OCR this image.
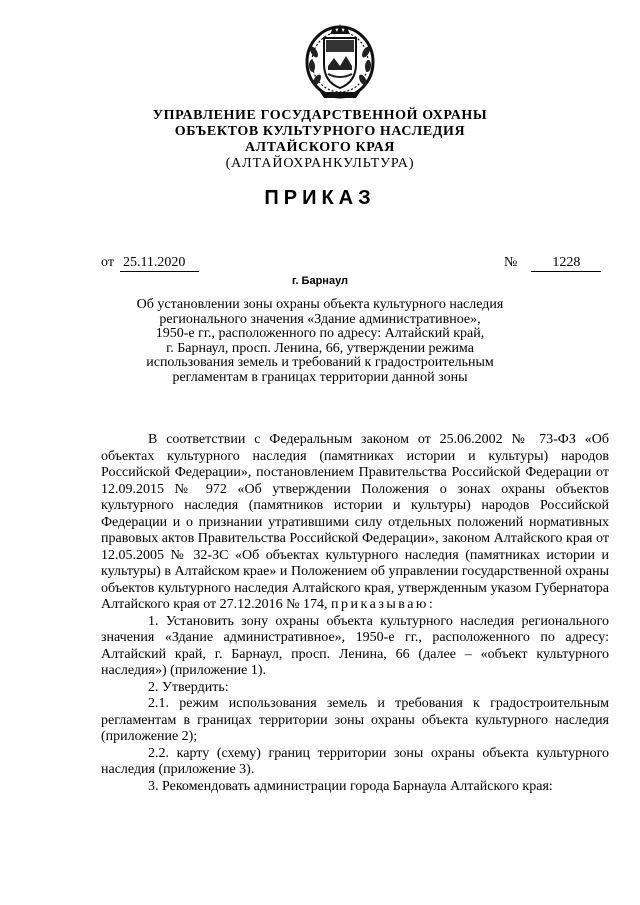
УПРАВЛЕНИЕ ГОСУДАРСТВЕННОЙ ОХРАНЫ
ОБЪЕКТОВ КУЛЬТУРНОГО НАСЛЕДИЯ
АЛТАЙСКОГО КРАЯ
(АЛТАЙОХРАНКУЛЬТУРА)
ПРИКАЗ
от 25.11.2020	№	1228
г. Барнаул
Об установлении зоны охраны объекта культурного наследия
регионального значения «Здание административное»,
1950-е гг., расположенного по адресу: Алтайский край,
г. Барнаул, просп. Ленина, 66, утверждении режима
использования земель и требований к градостроительным
регламентам в границах территории данной зоны

В соответствии с Федеральным законом от 25.06.2002 № 73-ФЗ «Об объектах культурного наследия (памятниках истории и культуры) народов Российской Федерации», постановлением Правительства Российской Федерации от 12.09.2015 № 972 «Об утверждении Положения о зонах охраны объектов культурного наследия (памятников истории и культуры) народов Российской Федерации и о признании утратившими силу отдельных положений нормативных правовых актов Правительства Российской Федерации», законом Алтайского края от 12.05.2005 № 32-ЗС «Об объектах культурного наследия (памятниках истории и культуры) в Алтайском крае» и Положением об управлении государственной охраны объектов культурного наследия Алтайского края, утвержденным указом Губернатора Алтайского края от 27.12.2016 № 174, приказываю:

1. Установить зону охраны объекта культурного наследия регионального значения «Здание административное», 1950-е гг., расположенного по адресу: Алтайский край, г. Барнаул, просп. Ленина, 66 (далее – «объект культурного наследия») (приложение 1).

2. Утвердить:

2.1. режим использования земель и требования к градостроительным регламентам в границах территории зоны охраны объекта культурного наследия (приложение 2);

2.2. карту (схему) границ территории зоны охраны объекта культурного наследия (приложение 3).

3. Рекомендовать администрации города Барнаула Алтайского края:
